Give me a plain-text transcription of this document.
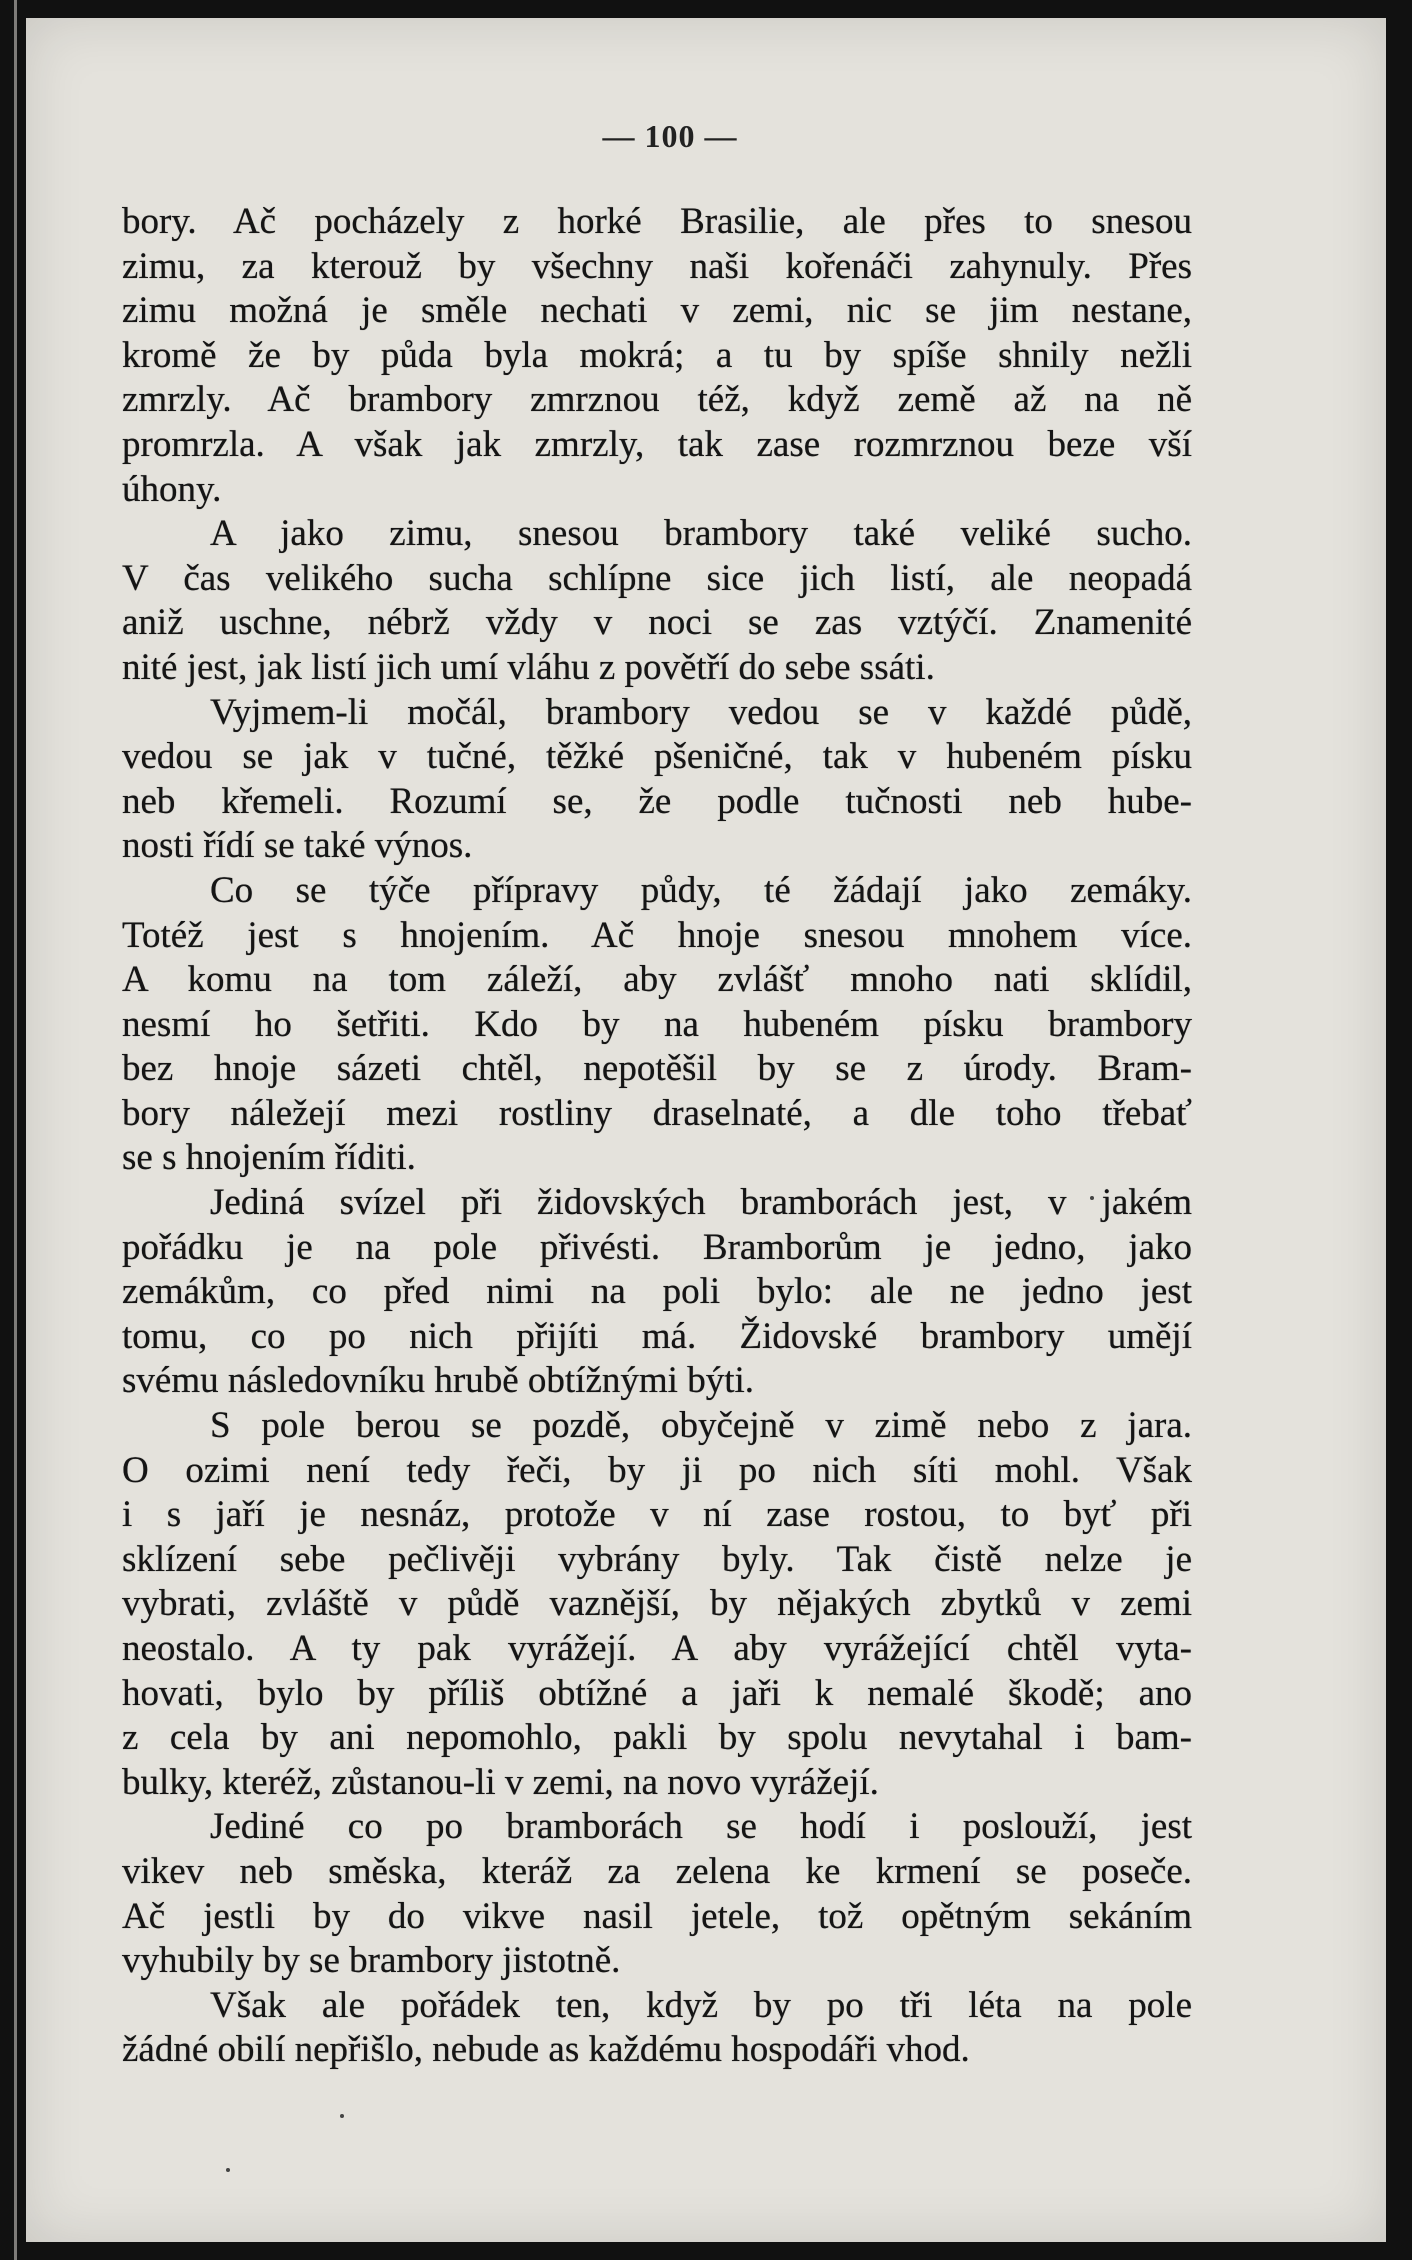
— 100 —
bory. Ač pocházely z horké Brasilie, ale přes to snesou
zimu, za kterouž by všechny naši kořenáči zahynuly. Přes
zimu možná je směle nechati v zemi, nic se jim nestane,
kromě že by půda byla mokrá; a tu by spíše shnily nežli
zmrzly. Ač brambory zmrznou též, když země až na ně
promrzla. A však jak zmrzly, tak zase rozmrznou beze vší
úhony.
A jako zimu, snesou brambory také veliké sucho.
V čas velikého sucha schlípne sice jich listí, ale neopadá
aniž uschne, nébrž vždy v noci se zas vztýčí. Znamenité
nité jest, jak listí jich umí vláhu z povětří do sebe ssáti.
Vyjmem-li močál, brambory vedou se v každé půdě,
vedou se jak v tučné, těžké pšeničné, tak v hubeném písku
neb křemeli. Rozumí se, že podle tučnosti neb hube-
nosti řídí se také výnos.
Co se týče přípravy půdy, té žádají jako zemáky.
Totéž jest s hnojením. Ač hnoje snesou mnohem více.
A komu na tom záleží, aby zvlášť mnoho nati sklídil,
nesmí ho šetřiti. Kdo by na hubeném písku brambory
bez hnoje sázeti chtěl, nepotěšil by se z úrody. Bram-
bory náležejí mezi rostliny draselnaté, a dle toho třebať
se s hnojením říditi.
Jediná svízel při židovských bramborách jest, v jakém
pořádku je na pole přivésti. Bramborům je jedno, jako
zemákům, co před nimi na poli bylo: ale ne jedno jest
tomu, co po nich přijíti má. Židovské brambory umějí
svému následovníku hrubě obtížnými býti.
S pole berou se pozdě, obyčejně v zimě nebo z jara.
O ozimi není tedy řeči, by ji po nich síti mohl. Však
i s jaří je nesnáz, protože v ní zase rostou, to byť při
sklízení sebe pečlivěji vybrány byly. Tak čistě nelze je
vybrati, zvláště v půdě vaznější, by nějakých zbytků v zemi
neostalo. A ty pak vyrážejí. A aby vyrážející chtěl vyta-
hovati, bylo by příliš obtížné a jaři k nemalé škodě; ano
z cela by ani nepomohlo, pakli by spolu nevytahal i bam-
bulky, kteréž, zůstanou-li v zemi, na novo vyrážejí.
Jediné co po bramborách se hodí i poslouží, jest
vikev neb směska, kteráž za zelena ke krmení se poseče.
Ač jestli by do vikve nasil jetele, tož opětným sekáním
vyhubily by se brambory jistotně.
Však ale pořádek ten, když by po tři léta na pole
žádné obilí nepřišlo, nebude as každému hospodáři vhod.
